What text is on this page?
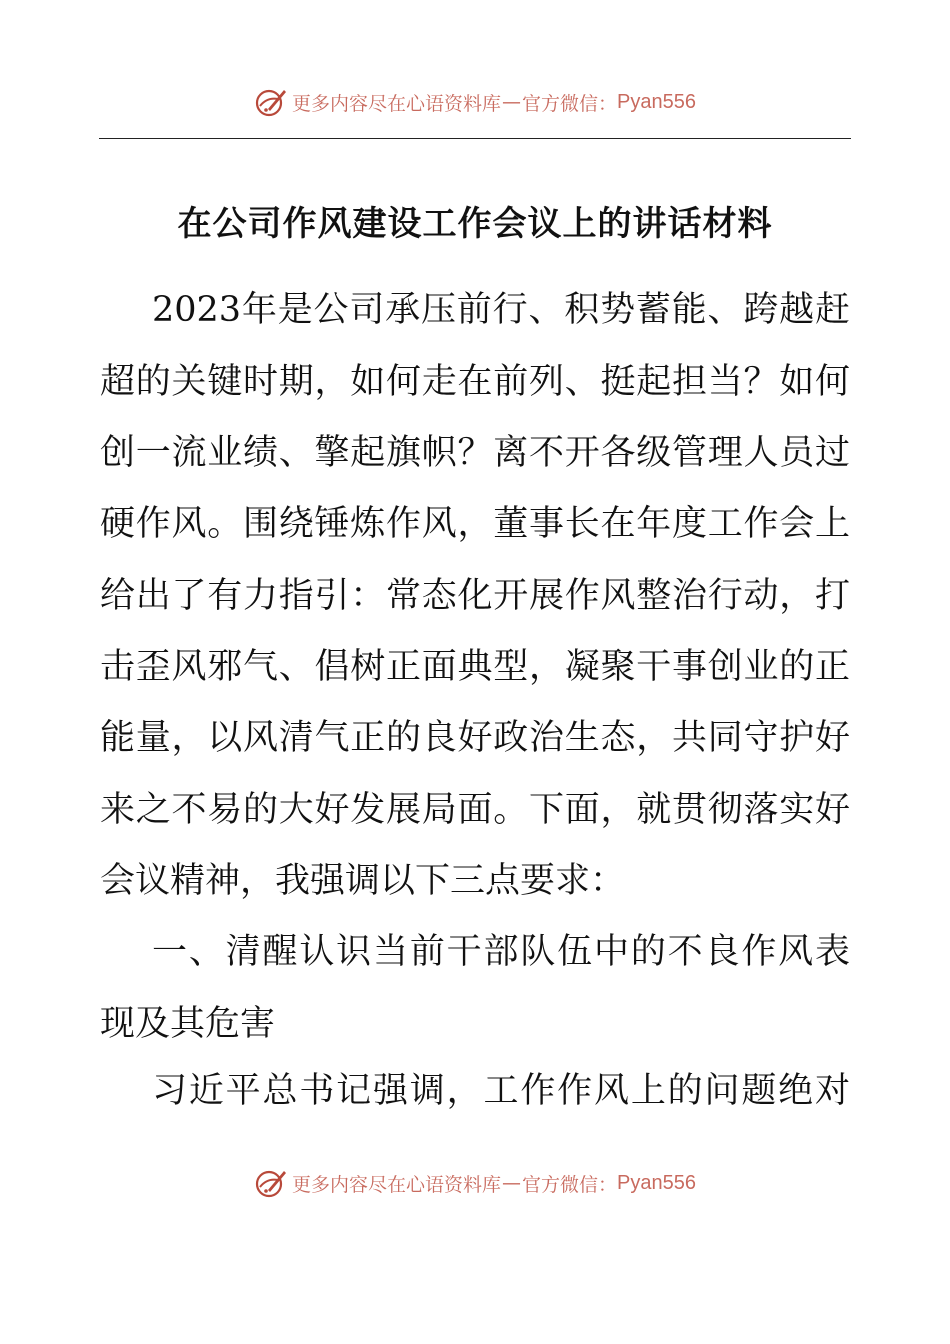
更多内容尽在心语资料库 — 官方微信： Pyan556
在公司作风建设工作会议上的讲话材料
2023年是公司承压前行、积势蓄能、跨越赶
超的关键时期，如何走在前列、挺起担当？如何
创一流业绩、擎起旗帜？离不开各级管理人员过
硬作风。围绕锤炼作风，董事长在年度工作会上
给出了有力指引：常态化开展作风整治行动，打
击歪风邪气、倡树正面典型，凝聚干事创业的正
能量，以风清气正的良好政治生态，共同守护好
来之不易的大好发展局面。下面，就贯彻落实好
会议精神，我强调以下三点要求：
一、清醒认识当前干部队伍中的不良作风表
现及其危害
习近平总书记强调，工作作风上的问题绝对
更多内容尽在心语资料库 — 官方微信： Pyan556
